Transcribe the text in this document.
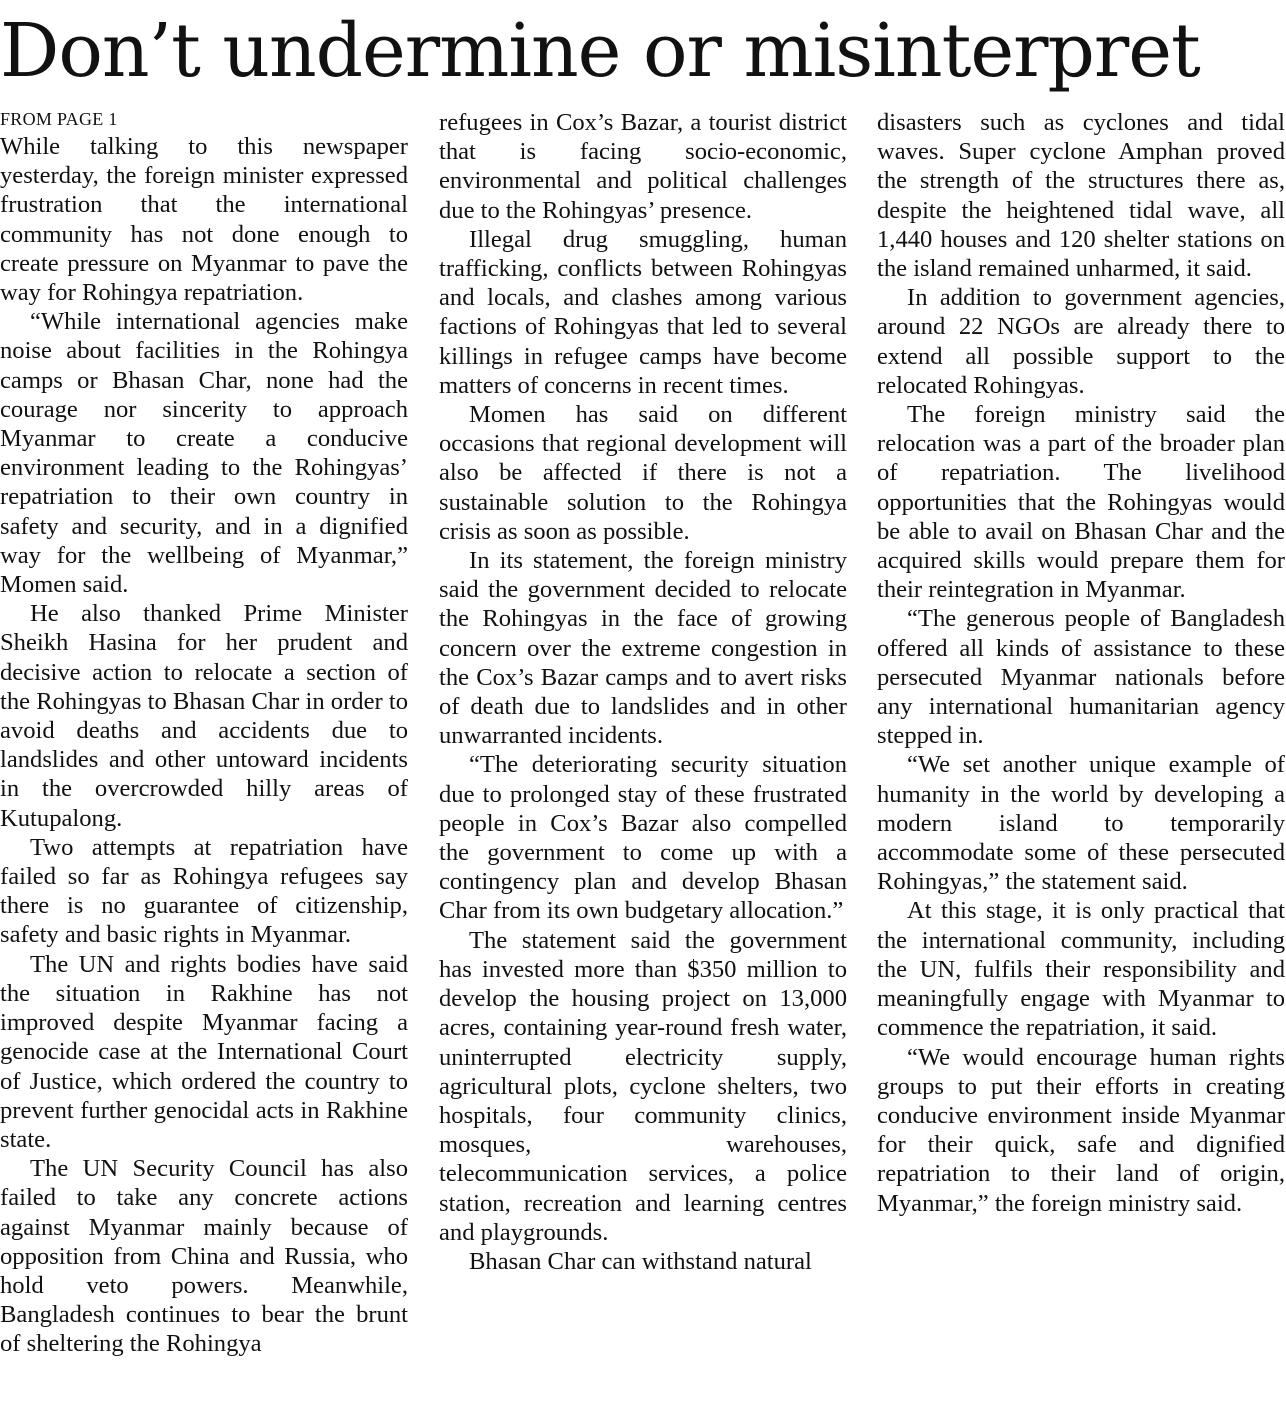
Don’t undermine or misinterpret
FROM PAGE 1

While talking to this newspaper yesterday, the foreign minister expressed frustration that the international community has not done enough to create pressure on Myanmar to pave the way for Rohingya repatriation.

“While international agencies make noise about facilities in the Rohingya camps or Bhasan Char, none had the courage nor sincerity to approach Myanmar to create a conducive environment leading to the Rohingyas’ repatriation to their own country in safety and security, and in a dignified way for the wellbeing of Myanmar,” Momen said.

He also thanked Prime Minister Sheikh Hasina for her prudent and decisive action to relocate a section of the Rohingyas to Bhasan Char in order to avoid deaths and accidents due to landslides and other untoward incidents in the overcrowded hilly areas of Kutupalong.

Two attempts at repatriation have failed so far as Rohingya refugees say there is no guarantee of citizenship, safety and basic rights in Myanmar.

The UN and rights bodies have said the situation in Rakhine has not improved despite Myanmar facing a genocide case at the International Court of Justice, which ordered the country to prevent further genocidal acts in Rakhine state.

The UN Security Council has also failed to take any concrete actions against Myanmar mainly because of opposition from China and Russia, who hold veto powers. Meanwhile, Bangladesh continues to bear the brunt of sheltering the Rohingya

refugees in Cox’s Bazar, a tourist district that is facing socio-economic, environmental and political challenges due to the Rohingyas’ presence.

Illegal drug smuggling, human trafficking, conflicts between Rohingyas and locals, and clashes among various factions of Rohingyas that led to several killings in refugee camps have become matters of concerns in recent times.

Momen has said on different occasions that regional development will also be affected if there is not a sustainable solution to the Rohingya crisis as soon as possible.

In its statement, the foreign ministry said the government decided to relocate the Rohingyas in the face of growing concern over the extreme congestion in the Cox’s Bazar camps and to avert risks of death due to landslides and in other unwarranted incidents.

“The deteriorating security situation due to prolonged stay of these frustrated people in Cox’s Bazar also compelled the government to come up with a contingency plan and develop Bhasan Char from its own budgetary allocation.”

The statement said the government has invested more than $350 million to develop the housing project on 13,000 acres, containing year-round fresh water, uninterrupted electricity supply, agricultural plots, cyclone shelters, two hospitals, four community clinics, mosques, warehouses, telecommunication services, a police station, recreation and learning centres and playgrounds.

Bhasan Char can withstand natural

disasters such as cyclones and tidal waves. Super cyclone Amphan proved the strength of the structures there as, despite the heightened tidal wave, all 1,440 houses and 120 shelter stations on the island remained unharmed, it said.

In addition to government agencies, around 22 NGOs are already there to extend all possible support to the relocated Rohingyas.

The foreign ministry said the relocation was a part of the broader plan of repatriation. The livelihood opportunities that the Rohingyas would be able to avail on Bhasan Char and the acquired skills would prepare them for their reintegration in Myanmar.

“The generous people of Bangladesh offered all kinds of assistance to these persecuted Myanmar nationals before any international humanitarian agency stepped in.

“We set another unique example of humanity in the world by developing a modern island to temporarily accommodate some of these persecuted Rohingyas,” the statement said.

At this stage, it is only practical that the international community, including the UN, fulfils their responsibility and meaningfully engage with Myanmar to commence the repatriation, it said.

“We would encourage human rights groups to put their efforts in creating conducive environment inside Myanmar for their quick, safe and dignified repatriation to their land of origin, Myanmar,” the foreign ministry said.
